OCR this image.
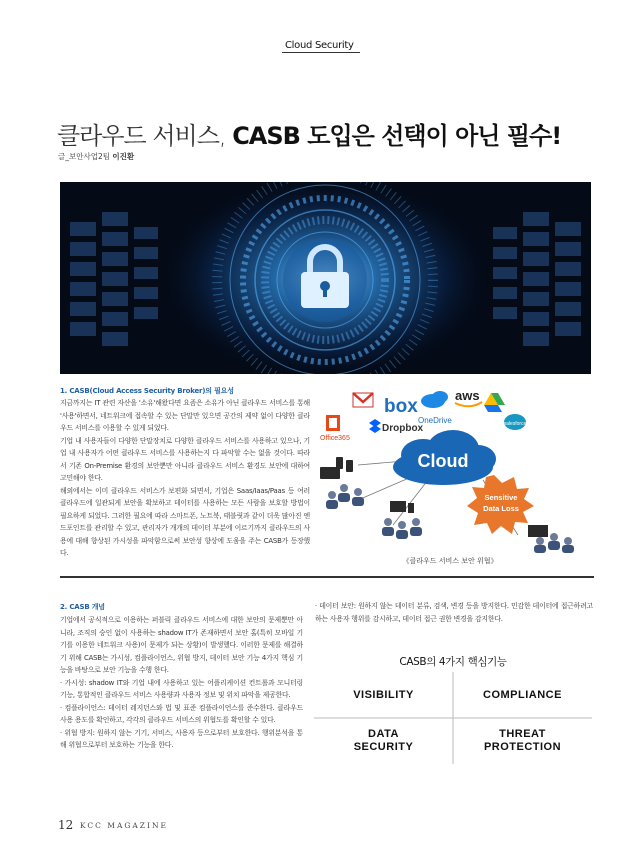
Cloud Security
클라우드 서비스, CASB 도입은 선택이 아닌 필수!
글_보안사업2팀 이진환
1. CASB(Cloud Access Security Broker)의 필요성

지금까지는 IT 관련 자산을 '소유'해왔다면 요즘은 소유가 아닌 클라우드 서비스를 통해 '사용'하면서, 네트워크에 접속할 수 있는 단말만 있으면 공간의 제약 없이 다양한 클라우드 서비스를 이용할 수 있게 되었다.

기업 내 사용자들이 다양한 단말장치로 다양한 클라우드 서비스를 사용하고 있으나, 기업 내 사용자가 어떤 클라우드 서비스를 사용하는지 다 파악할 수는 없을 것이다. 따라서 기존 On-Premise 환경의 보안뿐만 아니라 클라우드 서비스 환경도 보안에 대하여 고민해야 한다.

해외에서는 이미 클라우드 서비스가 보편화 되면서, 기업은 Saas/Iaas/Paas 등 여러 클라우드에 일관되게 보안을 확보하고 데이터를 사용하는 모든 사람을 보호할 방법이 필요하게 되었다. 그러한 필요에 따라 스마트폰, 노트북, 태블릿과 같이 더욱 많아진 엔드포인트를 관리할 수 있고, 관리자가 개개의 데이터 부분에 이르기까지 클라우드의 사용에 대해 향상된 가시성을 파악함으로써 보안성 향상에 도움을 주는 CASB가 등장했다.

box
OneDrive
aws
salesforce
Office365
Dropbox
Cloud
Sensitive
Data Loss
《클라우드 서비스 보안 위협》
2. CASB 개념

기업에서 공식적으로 이용하는 퍼블릭 클라우드 서비스에 대한 보안의 문제뿐만 아니라, 조직의 승인 없이 사용하는 shadow IT가 존재하면서 보안 홀(특히 모바일 기기를 이용한 네트워크 사용)이 문제가 되는 상황)이 발생했다. 이러한 문제를 해결하기 위해 CASB는 가시성, 컴플라이언스, 위협 방지, 데이터 보안 기능 4가지 핵심 기능을 바탕으로 보안 기능을 수행 한다.

· 가시성: shadow IT와 기업 내에 사용하고 있는 어플리케이션 컨트롤과 모니터링 기능, 통합적인 클라우드 서비스 사용량과 사용자 정보 및 위치 파악을 제공한다.

· 컴플라이언스: 데이터 레지던스와 법 및 표준 컴플라이언스를 준수한다. 클라우드 사용 용도를 확인하고, 각각의 클라우드 서비스의 위협도를 확인할 수 있다.

· 위협 방지: 원하지 않는 기기, 서비스, 사용자 등으로부터 보호한다. 행위분석을 통해 위협으로부터 보호하는 기능을 한다.

· 데이터 보안: 원하지 않는 데이터 분류, 검색, 변경 등을 방지한다. 민감한 데이터에 접근하려고 하는 사용자 행위를 감시하고, 데이터 접근 권한 변경을 감지한다.

CASB의 4가지 핵심기능
VISIBILITY	COMPLIANCE
DATA
SECURITY
THREAT
PROTECTION
12 KCC MAGAZINE
